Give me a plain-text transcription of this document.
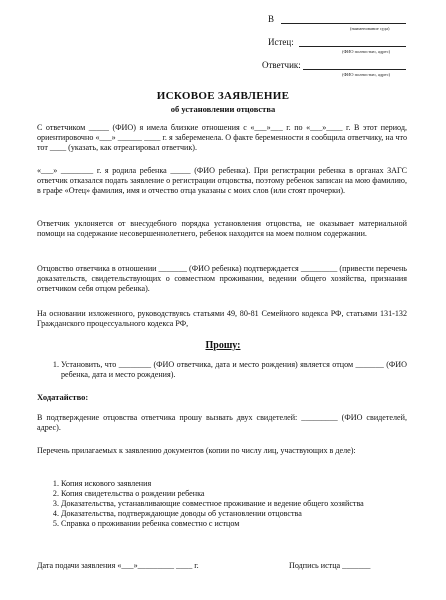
В
(наименование суда)
Истец:
(ФИО полностью, адрес)
Ответчик:
(ФИО полностью, адрес)
ИСКОВОЕ ЗАЯВЛЕНИЕ
об установлении отцовства
С ответчиком _____ (ФИО) я имела близкие отношения с «___»___ г. по «___»____ г. В этот период, ориентировочно «___» ______ ____ г. я забеременела. О факте беременности я сообщила ответчику, на что тот ____ (указать, как отреагировал ответчик).
«___» ________ г. я родила ребенка _____ (ФИО ребенка). При регистрации ребенка в органах ЗАГС ответчик отказался подать заявление о регистрации отцовства, поэтому ребенок записан на мою фамилию, в графе «Отец» фамилия, имя и отчество отца указаны с моих слов (или стоят прочерки).
Ответчик уклоняется от внесудебного порядка установления отцовства, не оказывает материальной помощи на содержание несовершеннолетнего, ребенок находится на моем полном содержании.
Отцовство ответчика в отношении _______ (ФИО ребенка) подтверждается _________ (привести перечень доказательств, свидетельствующих о совместном проживании, ведении общего хозяйства, признания ответчиком себя отцом ребенка).
На основании изложенного, руководствуясь статьями 49, 80-81 Семейного кодекса РФ, статьями 131-132 Гражданского процессуального кодекса РФ,
Прошу:
1. Установить, что ________ (ФИО ответчика, дата и место рождения) является отцом _______ (ФИО ребенка, дата и место рождения).
Ходатайство:
В подтверждение отцовства ответчика прошу вызвать двух свидетелей: _________ (ФИО свидетелей, адрес).
Перечень прилагаемых к заявлению документов (копии по числу лиц, участвующих в деле):
1. Копия искового заявления
2. Копия свидетельства о рождении ребенка
3. Доказательства, устанавливающие совместное проживание и ведение общего хозяйства
4. Доказательства, подтверждающие доводы об установлении отцовства
5. Справка о проживании ребенка совместно с истцом
Дата подачи заявления «___»_________ ____ г.	Подпись истца _______
